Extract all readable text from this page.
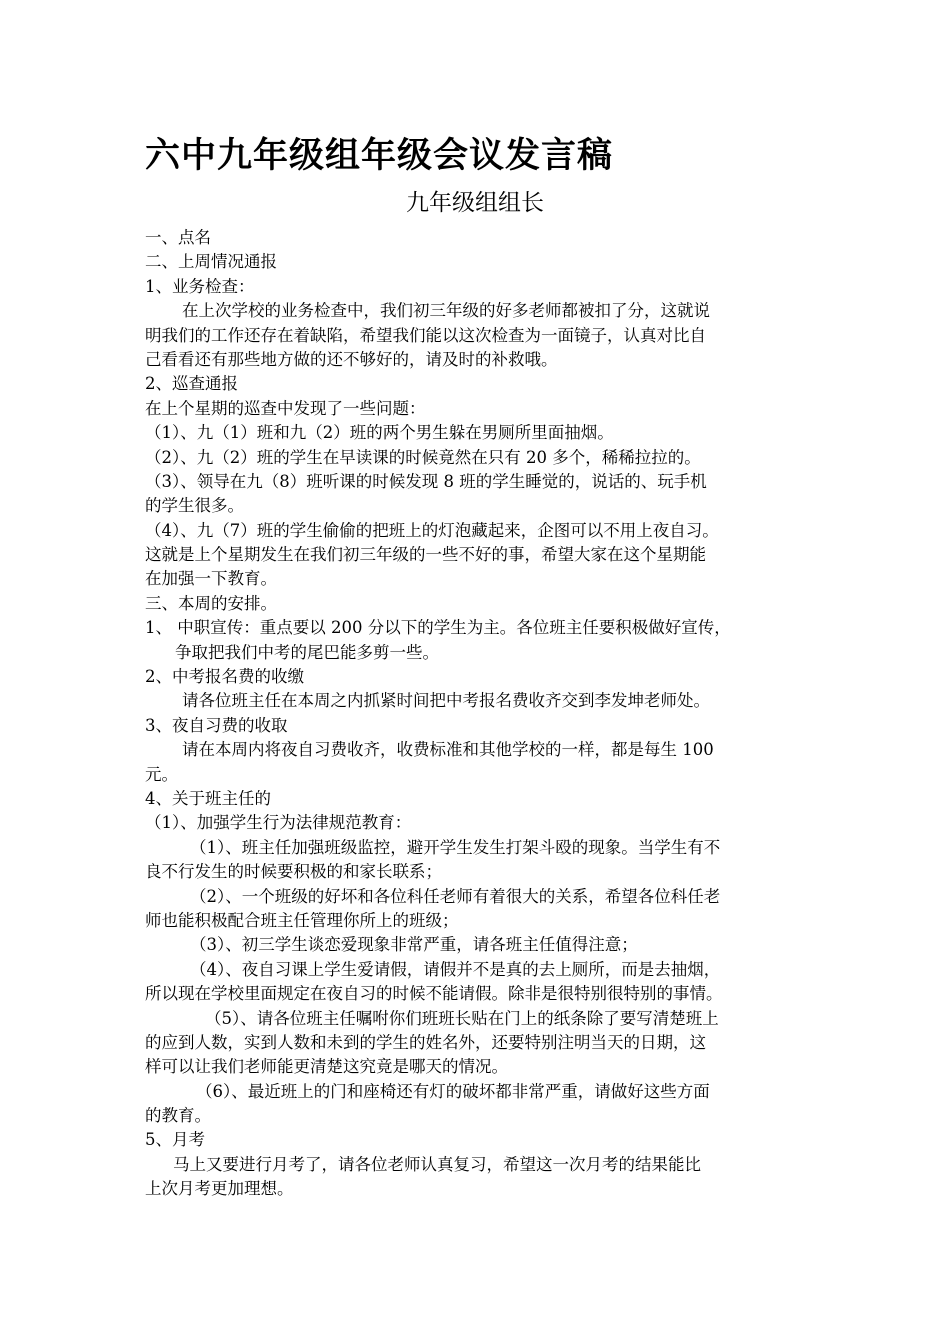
六中九年级组年级会议发言稿
九年级组组长
一、点名
二、上周情况通报
1、业务检查：
在上次学校的业务检查中，我们初三年级的好多老师都被扣了分，这就说
明我们的工作还存在着缺陷，希望我们能以这次检查为一面镜子，认真对比自
己看看还有那些地方做的还不够好的，请及时的补救哦。
2、巡查通报
在上个星期的巡查中发现了一些问题：
（1）、九（1）班和九（2）班的两个男生躲在男厕所里面抽烟。
（2）、九（2）班的学生在早读课的时候竟然在只有 20 多个，稀稀拉拉的。
（3）、领导在九（8）班听课的时候发现 8 班的学生睡觉的，说话的、玩手机
的学生很多。
（4）、九（7）班的学生偷偷的把班上的灯泡藏起来，企图可以不用上夜自习。
这就是上个星期发生在我们初三年级的一些不好的事，希望大家在这个星期能
在加强一下教育。
三、本周的安排。
1、 中职宣传：重点要以 200 分以下的学生为主。各位班主任要积极做好宣传，
争取把我们中考的尾巴能多剪一些。
2、中考报名费的收缴
请各位班主任在本周之内抓紧时间把中考报名费收齐交到李发坤老师处。
3、夜自习费的收取
请在本周内将夜自习费收齐，收费标准和其他学校的一样，都是每生 100
元。
4、关于班主任的
（1）、加强学生行为法律规范教育：
（1）、班主任加强班级监控，避开学生发生打架斗殴的现象。当学生有不
良不行发生的时候要积极的和家长联系；
（2）、一个班级的好坏和各位科任老师有着很大的关系，希望各位科任老
师也能积极配合班主任管理你所上的班级；
（3）、初三学生谈恋爱现象非常严重，请各班主任值得注意；
（4）、夜自习课上学生爱请假，请假并不是真的去上厕所，而是去抽烟，
所以现在学校里面规定在夜自习的时候不能请假。除非是很特别很特别的事情。
（5）、请各位班主任嘱咐你们班班长贴在门上的纸条除了要写清楚班上
的应到人数，实到人数和未到的学生的姓名外，还要特别注明当天的日期，这
样可以让我们老师能更清楚这究竟是哪天的情况。
（6）、最近班上的门和座椅还有灯的破坏都非常严重，请做好这些方面
的教育。
5、月考
马上又要进行月考了，请各位老师认真复习，希望这一次月考的结果能比
上次月考更加理想。
